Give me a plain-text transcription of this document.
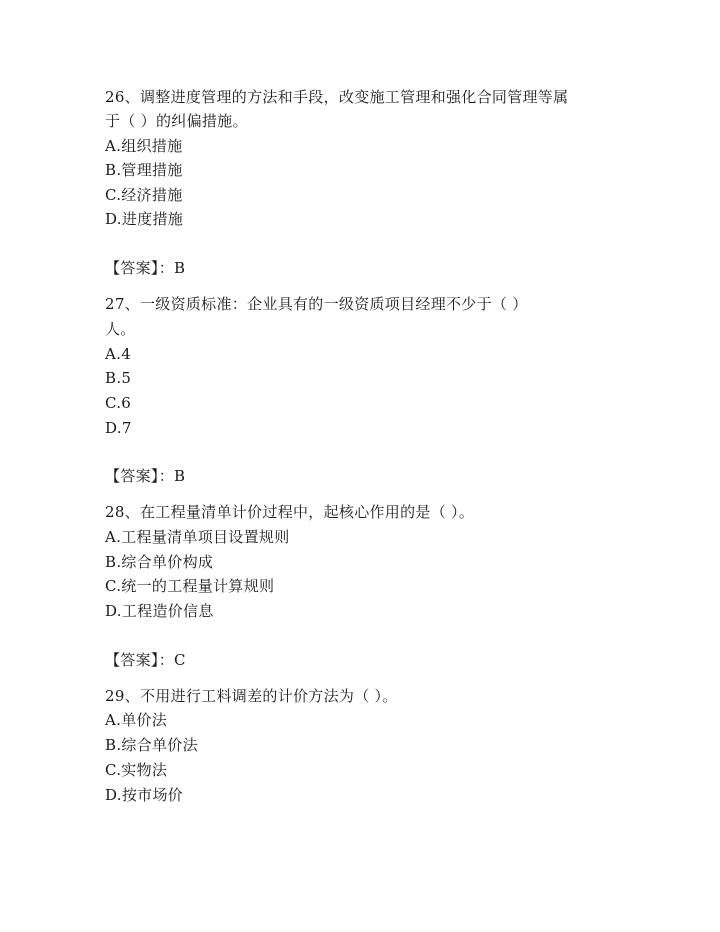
26、调整进度管理的方法和手段，改变施工管理和强化合同管理等属
于（ ）的纠偏措施。
A.组织措施
B.管理措施
C.经济措施
D.进度措施
【答案】：B
27、一级资质标准：企业具有的一级资质项目经理不少于（ ）
人。
A.4
B.5
C.6
D.7
【答案】：B
28、在工程量清单计价过程中，起核心作用的是（ ）。
A.工程量清单项目设置规则
B.综合单价构成
C.统一的工程量计算规则
D.工程造价信息
【答案】：C
29、不用进行工料调差的计价方法为（ ）。
A.单价法
B.综合单价法
C.实物法
D.按市场价
